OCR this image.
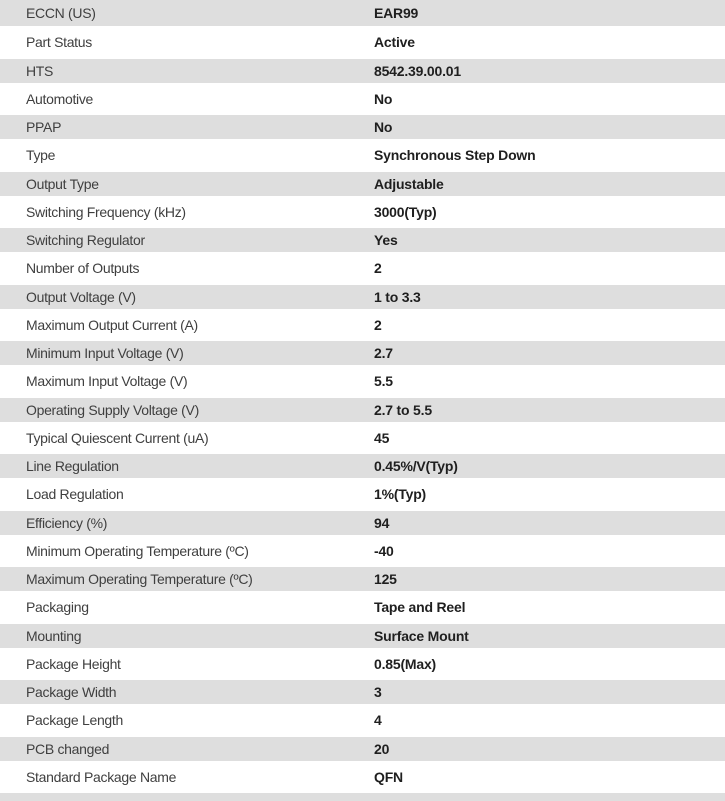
ECCN (US)	EAR99
Part Status	Active
HTS	8542.39.00.01
Automotive	No
PPAP	No
Type	Synchronous Step Down
Output Type	Adjustable
Switching Frequency (kHz)	3000(Typ)
Switching Regulator	Yes
Number of Outputs	2
Output Voltage (V)	1 to 3.3
Maximum Output Current (A)	2
Minimum Input Voltage (V)	2.7
Maximum Input Voltage (V)	5.5
Operating Supply Voltage (V)	2.7 to 5.5
Typical Quiescent Current (uA)	45
Line Regulation	0.45%/V(Typ)
Load Regulation	1%(Typ)
Efficiency (%)	94
Minimum Operating Temperature (ºC)	-40
Maximum Operating Temperature (ºC)	125
Packaging	Tape and Reel
Mounting	Surface Mount
Package Height	0.85(Max)
Package Width	3
Package Length	4
PCB changed	20
Standard Package Name	QFN
